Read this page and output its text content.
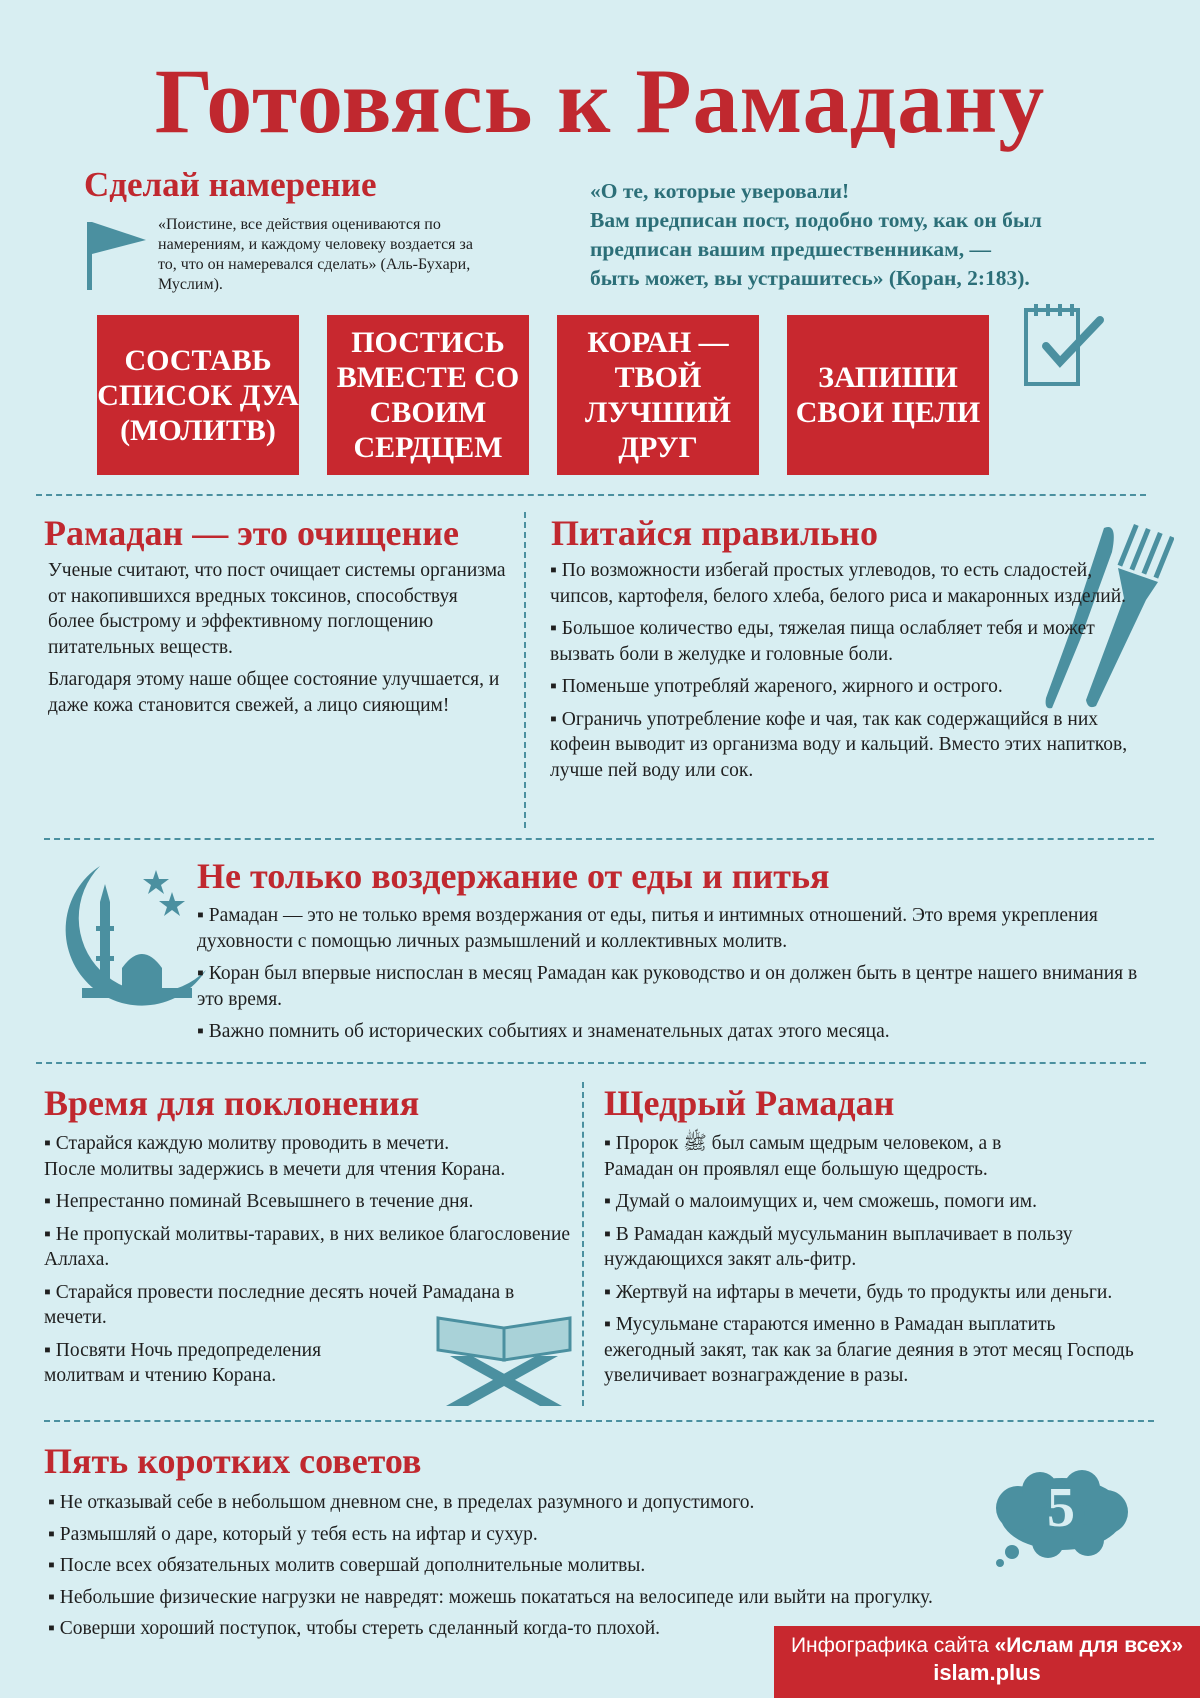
Готовясь к Рамадану
Сделай намерение
«Поистине, все действия оцениваются по намерениям, и каждому человеку воздается за то, что он намеревался сделать» (Аль-Бухари, Муслим).
«О те, которые уверовали!
Вам предписан пост, подобно тому, как он был
предписан вашим предшественникам, —
быть может, вы устрашитесь» (Коран, 2:183).
СОСТАВЬ СПИСОК ДУА (МОЛИТВ)
ПОСТИСЬ ВМЕСТЕ СО СВОИМ СЕРДЦЕМ
КОРАН — ТВОЙ ЛУЧШИЙ ДРУГ
ЗАПИШИ СВОИ ЦЕЛИ
Рамадан — это очищение

Ученые считают, что пост очищает системы организма от накопившихся вредных токсинов, способствуя более быстрому и эффективному поглощению питательных веществ.

Благодаря этому наше общее состояние улучшается, и даже кожа становится свежей, а лицо сияющим!

Питайся правильно

▪ По возможности избегай простых углеводов, то есть сладостей, чипсов, картофеля, белого хлеба, белого риса и макаронных изделий.

▪ Большое количество еды, тяжелая пища ослабляет тебя и может вызвать боли в желудке и головные боли.

▪ Поменьше употребляй жареного, жирного и острого.

▪ Ограничь употребление кофе и чая, так как содержащийся в них кофеин выводит из организма воду и кальций. Вместо этих напитков, лучше пей воду или сок.

Не только воздержание от еды и питья

▪ Рамадан — это не только время воздержания от еды, питья и интимных отношений. Это время укрепления духовности с помощью личных размышлений и коллективных молитв.

▪ Коран был впервые ниспослан в месяц Рамадан как руководство и он должен быть в центре нашего внимания в это время.

▪ Важно помнить об исторических событиях и знаменательных датах этого месяца.

Время для поклонения

▪ Старайся каждую молитву проводить в мечети.

После молитвы задержись в мечети для чтения Корана.

▪ Непрестанно поминай Всевышнего в течение дня.

▪ Не пропускай молитвы-таравих, в них великое благословение Аллаха.

▪ Старайся провести последние десять ночей Рамадана в мечети.

▪ Посвяти Ночь предопределения молитвам и чтению Корана.

Щедрый Рамадан

▪ Пророк ﷺ был самым щедрым человеком, а в Рамадан он проявлял еще большую щедрость.

▪ Думай о малоимущих и, чем сможешь, помоги им.

▪ В Рамадан каждый мусульманин выплачивает в пользу нуждающихся закят аль-фитр.

▪ Жертвуй на ифтары в мечети, будь то продукты или деньги.

▪ Мусульмане стараются именно в Рамадан выплатить ежегодный закят, так как за благие деяния в этот месяц Господь увеличивает вознаграждение в разы.

Пять коротких советов

▪ Не отказывай себе в небольшом дневном сне, в пределах разумного и допустимого.

▪ Размышляй о даре, который у тебя есть на ифтар и сухур.

▪ После всех обязательных молитв совершай дополнительные молитвы.

▪ Небольшие физические нагрузки не навредят: можешь покататься на велосипеде или выйти на прогулку.

▪ Соверши хороший поступок, чтобы стереть сделанный когда-то плохой.

5
Инфографика сайта «Ислам для всех»
islam.plus
